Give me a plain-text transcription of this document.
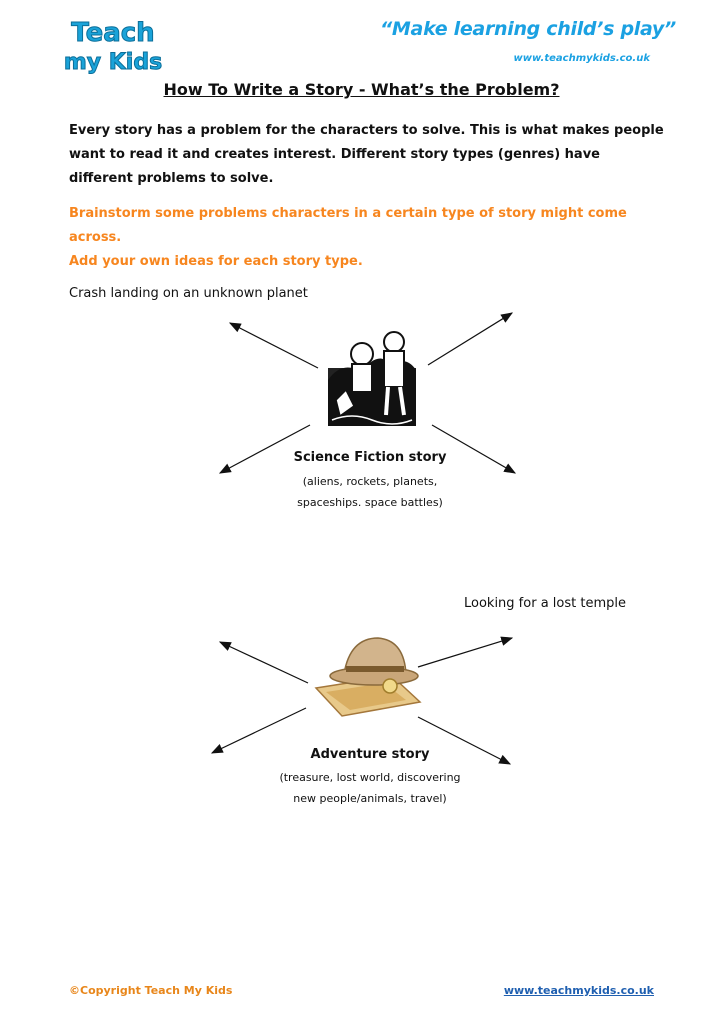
Teach
my Kids
“Make learning child’s play”
www.teachmykids.co.uk
How To Write a Story - What’s the Problem?
Every story has a problem for the characters to solve. This is what makes people
want to read it and creates interest. Different story types (genres) have
different problems to solve.
Brainstorm some problems characters in a certain type of story might come across.
Add your own ideas for each story type.
Crash landing on an unknown planet
Science Fiction story
(aliens, rockets, planets,
spaceships. space battles)
Looking for a lost temple
Adventure story
(treasure, lost world, discovering
new people/animals, travel)
©Copyright Teach My Kids	www.teachmykids.co.uk
